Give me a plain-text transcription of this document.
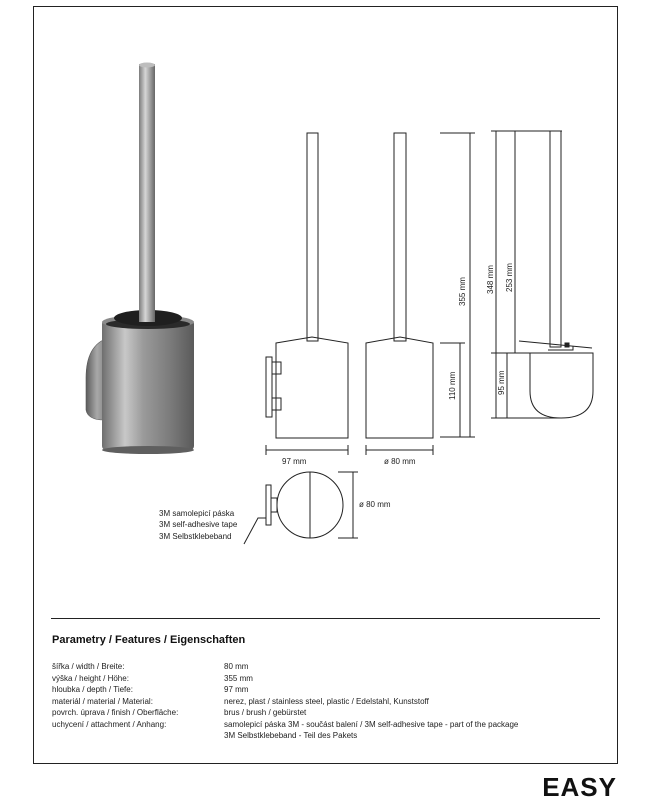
97 mm	ø 80 mm
110 mm
355 mm 348 mm 253 mm
95 mm
ø 80 mm
3M samolepicí páska
3M self-adhesive tape
3M Selbstklebeband
Parametry / Features / Eigenschaften
šířka / width / Breite:	80 mm

výška / height / Höhe:	355 mm

hloubka / depth / Tiefe:	97 mm

materiál / material / Material:	nerez, plast / stainless steel, plastic / Edelstahl, Kunststoff

povrch. úprava / finish / Oberfläche:	brus / brush / gebürstet

uchycení / attachment / Anhang:	samolepicí páska 3M - součást balení / 3M self-adhesive tape - part of the package
3M Selbstklebeband - Teil des Pakets
EASY
